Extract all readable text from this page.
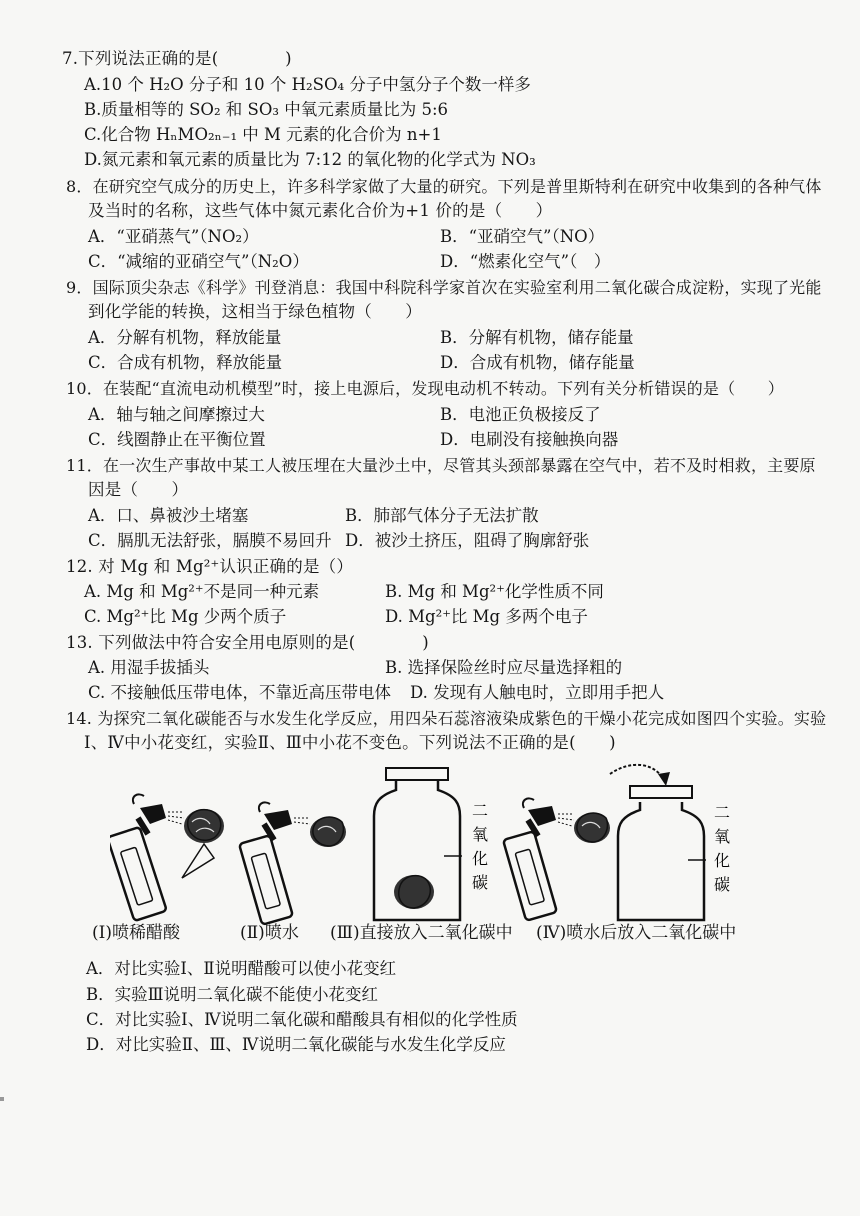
7.下列说法正确的是(　　　　)
A.10 个 H₂O 分子和 10 个 H₂SO₄ 分子中氢分子个数一样多
B.质量相等的 SO₂ 和 SO₃ 中氧元素质量比为 5:6
C.化合物 HₙMO₂ₙ₋₁ 中 M 元素的化合价为 n+1
D.氮元素和氧元素的质量比为 7:12 的氧化物的化学式为 NO₃
8．在研究空气成分的历史上，许多科学家做了大量的研究。下列是普里斯特利在研究中收集到的各种气体
及当时的名称，这些气体中氮元素化合价为+1 价的是（　　）
A．“亚硝蒸气”（NO₂）	B．“亚硝空气”（NO）
C．“减缩的亚硝空气”（N₂O）	D．“燃素化空气”（　）
9．国际顶尖杂志《科学》刊登消息：我国中科院科学家首次在实验室利用二氧化碳合成淀粉，实现了光能
到化学能的转换，这相当于绿色植物（　　）
A．分解有机物，释放能量	B．分解有机物，储存能量
C．合成有机物，释放能量	D．合成有机物，储存能量
10．在装配“直流电动机模型”时，接上电源后，发现电动机不转动。下列有关分析错误的是（　　）
A．轴与轴之间摩擦过大	B．电池正负极接反了
C．线圈静止在平衡位置	D．电刷没有接触换向器
11．在一次生产事故中某工人被压埋在大量沙土中，尽管其头颈部暴露在空气中，若不及时相救，主要原
因是（　　）
A．口、鼻被沙土堵塞	B．肺部气体分子无法扩散
C．膈肌无法舒张，膈膜不易回升 D．被沙土挤压，阻碍了胸廓舒张
12. 对 Mg 和 Mg²⁺认识正确的是（）
A. Mg 和 Mg²⁺不是同一种元素	B. Mg 和 Mg²⁺化学性质不同
C. Mg²⁺比 Mg 少两个质子	D. Mg²⁺比 Mg 多两个电子
13. 下列做法中符合安全用电原则的是(　　　　)
A. 用湿手拔插头	B. 选择保险丝时应尽量选择粗的
C. 不接触低压带电体，不靠近高压带电体 D. 发现有人触电时，立即用手把人
14. 为探究二氧化碳能否与水发生化学反应，用四朵石蕊溶液染成紫色的干燥小花完成如图四个实验。实验
Ⅰ、Ⅳ中小花变红，实验Ⅱ、Ⅲ中小花不变色。下列说法不正确的是(　　)
二
氧
化
碳
二
氧
化
碳
(Ⅰ)喷稀醋酸	(Ⅱ)喷水 (Ⅲ)直接放入二氧化碳中 (Ⅳ)喷水后放入二氧化碳中
A．对比实验Ⅰ、Ⅱ说明醋酸可以使小花变红
B．实验Ⅲ说明二氧化碳不能使小花变红
C．对比实验Ⅰ、Ⅳ说明二氧化碳和醋酸具有相似的化学性质
D．对比实验Ⅱ、Ⅲ、Ⅳ说明二氧化碳能与水发生化学反应
